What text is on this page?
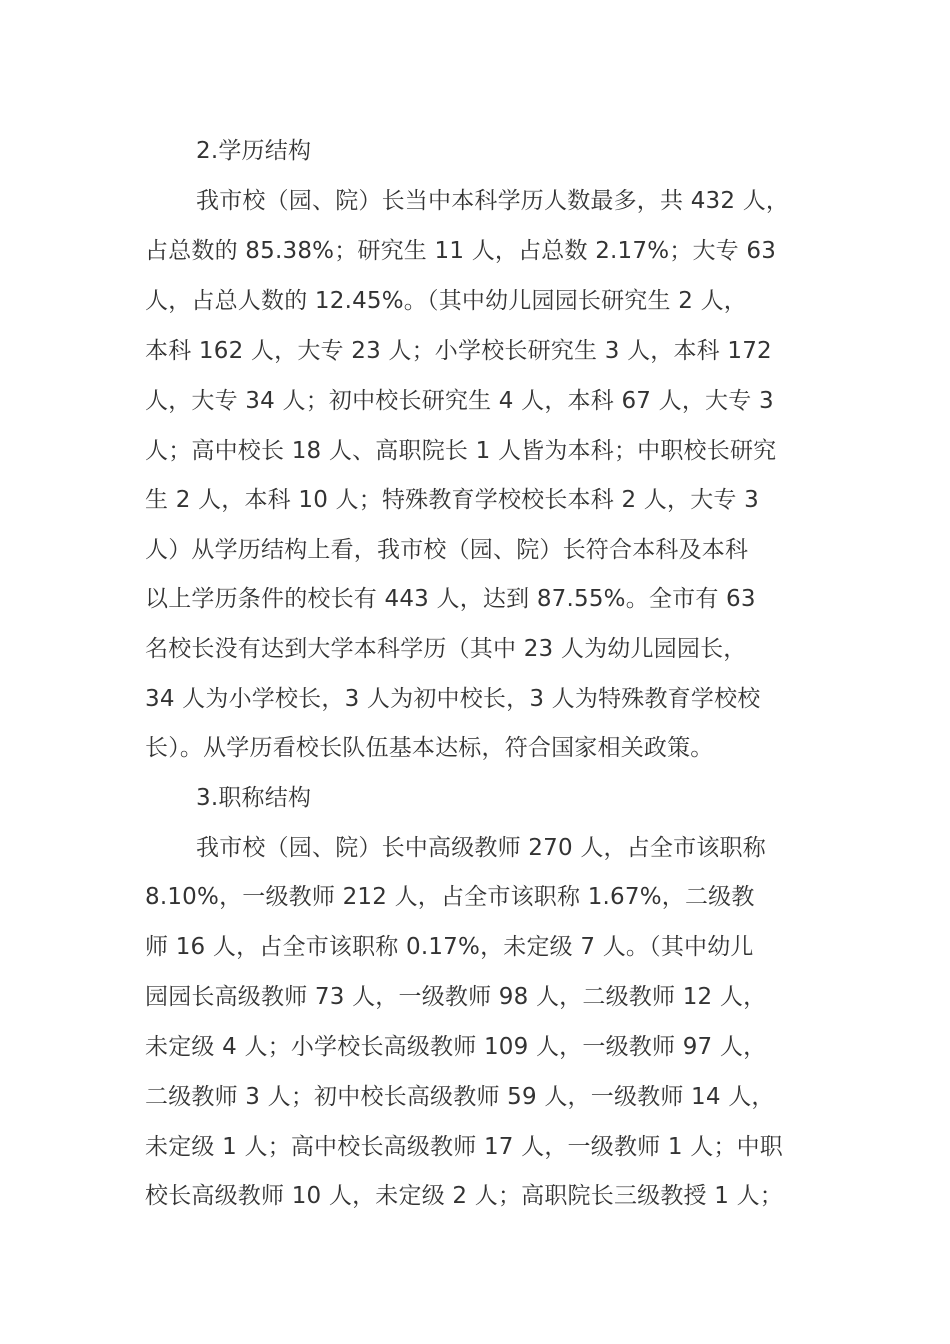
2.学历结构
我市校（园、院）长当中本科学历人数最多，共 432 人，
占总数的 85.38%；研究生 11 人，占总数 2.17%；大专 63
人，占总人数的 12.45%。（其中幼儿园园长研究生 2 人，
本科 162 人，大专 23 人；小学校长研究生 3 人，本科 172
人，大专 34 人；初中校长研究生 4 人，本科 67 人，大专 3
人；高中校长 18 人、高职院长 1 人皆为本科；中职校长研究
生 2 人，本科 10 人；特殊教育学校校长本科 2 人，大专 3
人）从学历结构上看，我市校（园、院）长符合本科及本科
以上学历条件的校长有 443 人，达到 87.55%。全市有 63
名校长没有达到大学本科学历（其中 23 人为幼儿园园长，
34 人为小学校长，3 人为初中校长，3 人为特殊教育学校校
长）。从学历看校长队伍基本达标，符合国家相关政策。
3.职称结构
我市校（园、院）长中高级教师 270 人，占全市该职称
8.10%，一级教师 212 人，占全市该职称 1.67%，二级教
师 16 人，占全市该职称 0.17%，未定级 7 人。（其中幼儿
园园长高级教师 73 人，一级教师 98 人，二级教师 12 人，
未定级 4 人；小学校长高级教师 109 人，一级教师 97 人，
二级教师 3 人；初中校长高级教师 59 人，一级教师 14 人，
未定级 1 人；高中校长高级教师 17 人，一级教师 1 人；中职
校长高级教师 10 人，未定级 2 人；高职院长三级教授 1 人；
